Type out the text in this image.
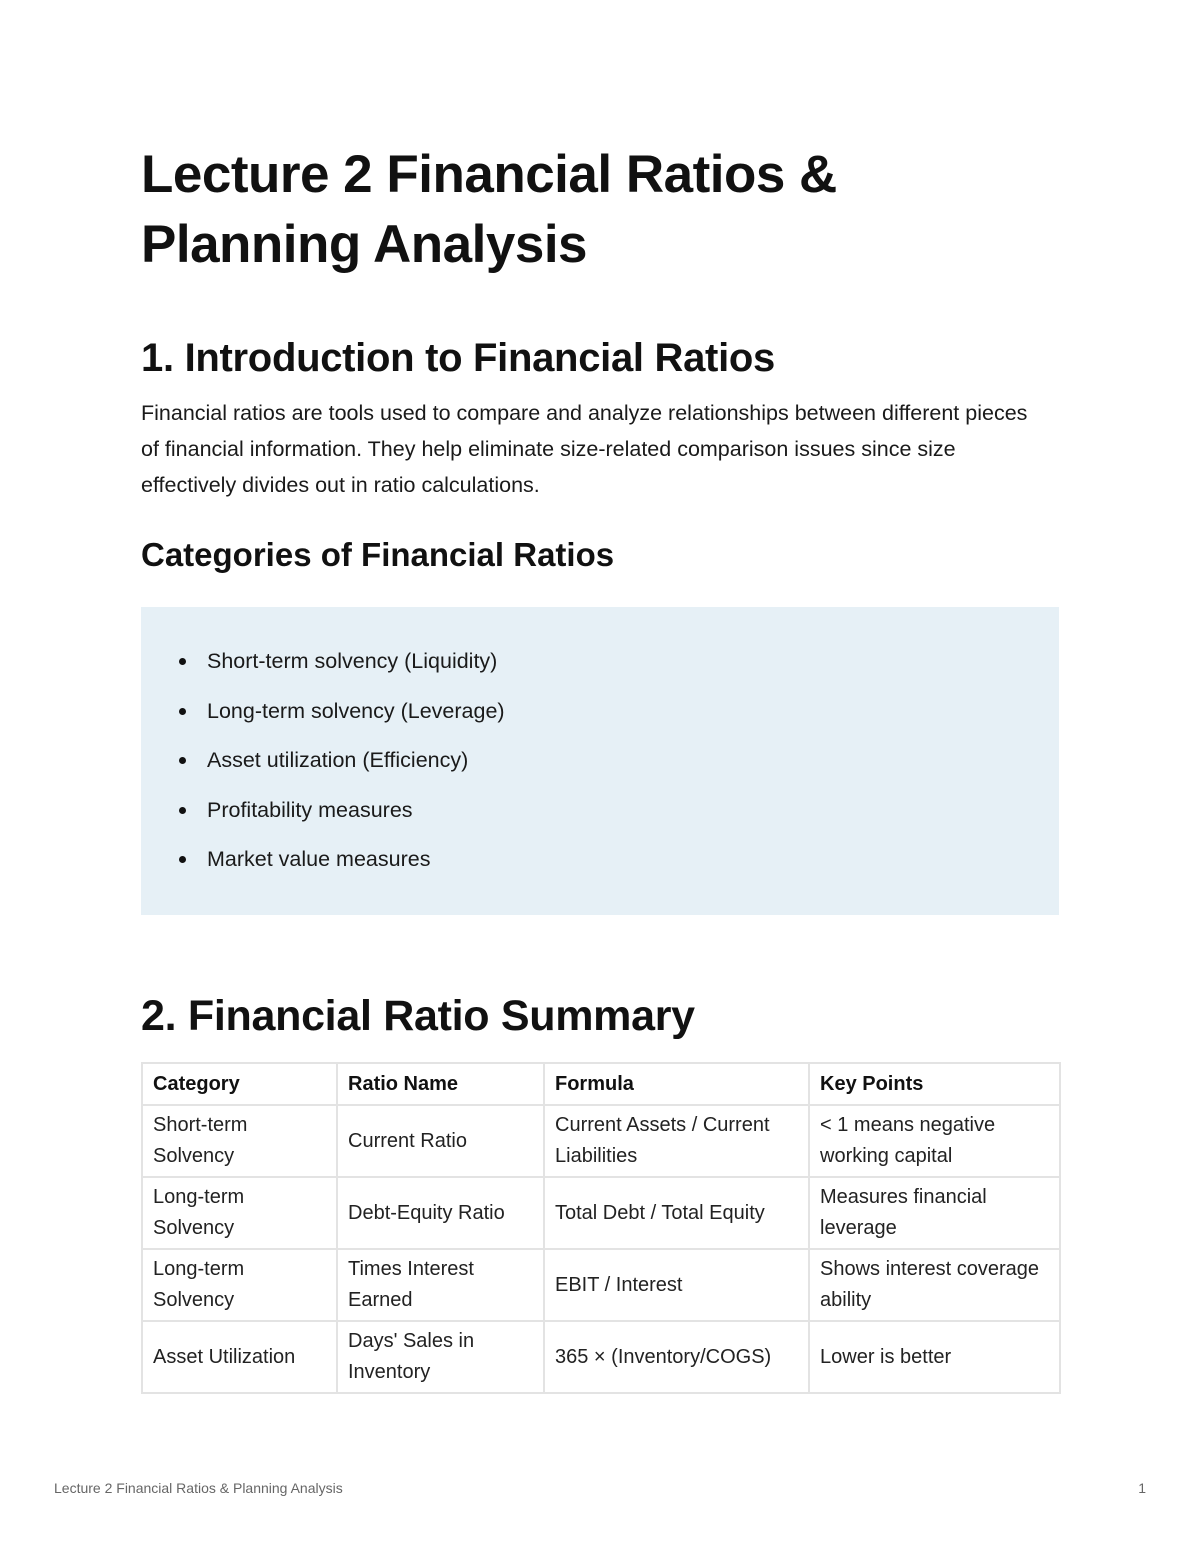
Lecture 2 Financial Ratios & Planning Analysis
1. Introduction to Financial Ratios

Financial ratios are tools used to compare and analyze relationships between different pieces of financial information. They help eliminate size-related comparison issues since size effectively divides out in ratio calculations.

Categories of Financial Ratios
Short-term solvency (Liquidity)
Long-term solvency (Leverage)
Asset utilization (Efficiency)
Profitability measures
Market value measures
2. Financial Ratio Summary
Category	Ratio Name	Formula	Key Points
Short-term Solvency	Current Ratio	Current Assets / Current Liabilities	< 1 means negative working capital
Long-term Solvency	Debt-Equity Ratio	Total Debt / Total Equity	Measures financial leverage
Long-term Solvency	Times Interest Earned	EBIT / Interest	Shows interest coverage ability
Asset Utilization	Days' Sales in Inventory	365 × (Inventory/COGS)	Lower is better
Lecture 2 Financial Ratios & Planning Analysis	1
